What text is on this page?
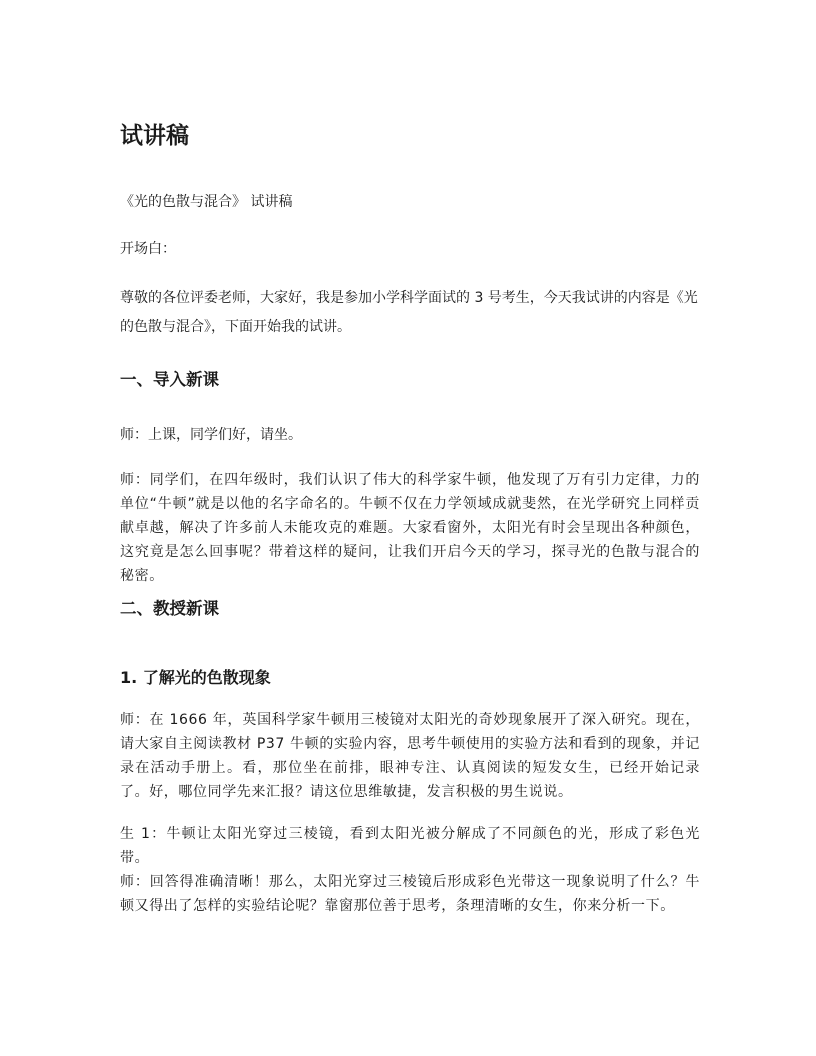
试讲稿

《光的色散与混合》 试讲稿

开场白：

尊敬的各位评委老师，大家好，我是参加小学科学面试的 3 号考生，今天我试讲的内容是《光的色散与混合》，下面开始我的试讲。

一、导入新课

师：上课，同学们好，请坐。

师：同学们，在四年级时，我们认识了伟大的科学家牛顿，他发现了万有引力定律，力的单位“牛顿”就是以他的名字命名的。牛顿不仅在力学领域成就斐然，在光学研究上同样贡献卓越，解决了许多前人未能攻克的难题。大家看窗外，太阳光有时会呈现出各种颜色，这究竟是怎么回事呢？带着这样的疑问，让我们开启今天的学习，探寻光的色散与混合的秘密。

二、教授新课
1. 了解光的色散现象

师：在 1666 年，英国科学家牛顿用三棱镜对太阳光的奇妙现象展开了深入研究。现在，请大家自主阅读教材 P37 牛顿的实验内容，思考牛顿使用的实验方法和看到的现象，并记录在活动手册上。看，那位坐在前排，眼神专注、认真阅读的短发女生，已经开始记录了。好，哪位同学先来汇报？请这位思维敏捷，发言积极的男生说说。

生 1：牛顿让太阳光穿过三棱镜，看到太阳光被分解成了不同颜色的光，形成了彩色光带。

师：回答得准确清晰！那么，太阳光穿过三棱镜后形成彩色光带这一现象说明了什么？牛顿又得出了怎样的实验结论呢？靠窗那位善于思考，条理清晰的女生，你来分析一下。
